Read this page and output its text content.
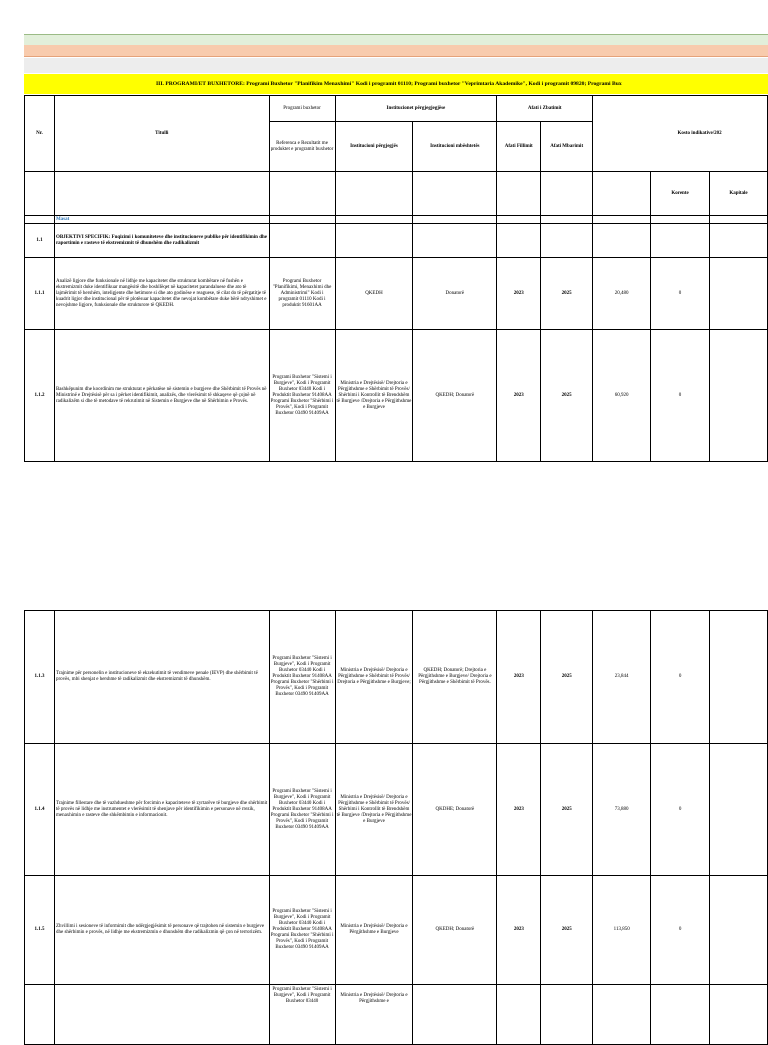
III. PROGRAMI/ET BUXHETORE: Programi Buxhetor "Planifikim Menaxhimi" Kodi i programit 01110; Programi buxhetor "Veprimtaria Akademike", Kodi i programit 09820; Programi Bux
Nr.	Titulli	Programi buxhetor	Institucionet përgjegjegjëse		Afati i Zbatimit		Kosto indikative/202		
		Referenca e Rezultatit me produktet e programit buxhetor	Institucioni përgjegjës	Institucioni mbështetës	Afati Fillimit	Afati Mbarimit			
								Korente	Kapitale
	Masat								
1.1	OBJEKTIVI SPECIFIK: Fuqizimi i komuniteteve dhe institucioneve publike për identifikimin dhe raportimin e rasteve të ekstremizmit të dhunshëm dhe radikalizmit								
1.1.1	Analizë ligjore dhe funksionale në lidhje me kapacitetet dhe strukturat kombëtare në fushën e ekstremizmit duke identifikuar mangësitë dhe boshllëqet në kapacitetet parandaluese dhe ato të lajmërimit të hershëm, inteligjente dhe hetimore si dhe ato godinëse e reaguese, të cilat do të përgatitje të kuadrit ligjor dhe institucional për të plotësuar kapacitetet dhe nevojat kombëtare duke bërë ndryshimet e nevojshme ligjore, funksionale dhe strukturore të QKEDH.	Programi Buxhetor "Planifikimi, Menaxhimi dhe Administrimi" Kodi i programit 01110 Kodi i produktit 91601AA	QKEDH	Donatorë	2023	2025	20,480	0	
1.1.2	Bashkëpunim dhe koordinim me strukturat e përkatëse në sistemin e burgjeve dhe Shërbimit të Provës në Ministrinë e Drejtësisë për sa i përket identifikimit, analizës, dhe vlerësimit të shkaqeve që çojnë në radikalizëm si dhe të metodave të rekrutimit në Sistemin e Burgjeve dhe në Shërbimin e Provës.	Programi Buxhetor "Sistemi i Burgjeve", Kodi i Programit Buxhetor 03440 Kodi i Produktit Buxhetor 91408AA Programi Buxhetor "Shërbimi i Provës", Kodi i Programit Buxhetor 03490 91409AA	Ministria e Drejtësisë/ Drejtoria e Përgjithshme e Shërbimit të Provës/ Shërbimi i Kontrollit të Brendshëm të Burgjeve /Drejtoria e Përgjithshme e Burgjeve	QKEDH; Donatorë	2023	2025	60,920	0	
1.1.3	Trajnime për personelin e institucioneve të ekzekutimit të vendimeve penale (IEVP) dhe shërbimit të provës, mbi shenjat e hershme të radikalizmit dhe ekstremizmit të dhunshëm.	Programi Buxhetor "Sistemi i Burgjeve", Kodi i Programit Buxhetor 03440 Kodi i Produktit Buxhetor 91408AA Programi Buxhetor "Shërbimi i Provës", Kodi i Programit Buxhetor 03490 91409AA	Ministria e Drejtësisë/ Drejtoria e Përgjithshme e Shërbimit të Provës/ Drejtoria e Përgjithshme e Burgjeve;	QKEDH; Donatorë; Drejtoria e Përgjithshme e Burgjeve/ Drejtoria e Përgjithshme e Shërbimit të Provës.	2023	2025	23,844	0	
1.1.4	Trajnime fillestare dhe të vazhdueshme për forcimin e kapaciteteve të zyrtarëve të burgjeve dhe shërbimit të provës në lidhje me instrumentet e vlerësimit të shenjave për identifikimin e personave në rrezik, menaxhimin e rasteve dhe shkëmbimin e informacionit.	Programi Buxhetor "Sistemi i Burgjeve", Kodi i Programit Buxhetor 03440 Kodi i Produktit Buxhetor 91408AA Programi Buxhetor "Shërbimi i Provës", Kodi i Programit Buxhetor 03490 91409AA	Ministria e Drejtësisë/ Drejtoria e Përgjithshme e Shërbimit të Provës/ Shërbimi i Kontrollit të Brendshëm të Burgjeve /Drejtoria e Përgjithshme e Burgjeve	QKDHE; Donatorë	2023	2025	73,880	0	
1.1.5	Zhvillimi i sesioneve të informimit dhe ndërgjegjësimit të personave që trajtohen në sistemin e burgjeve dhe shërbimin e provës, në lidhje me ekstremizmin e dhunshëm dhe radikalizmin që çon në terrorizëm.	Programi Buxhetor "Sistemi i Burgjeve", Kodi i Programit Buxhetor 03440 Kodi i Produktit Buxhetor 91408AA Programi Buxhetor "Shërbimi i Provës", Kodi i Programit Buxhetor 03490 91409AA	Ministria e Drejtësisë/ Drejtoria e Përgjithshme e Burgjeve	QKEDH; Donatorë	2023	2025	113,850	0	
		Programi Buxhetor "Sistemi i Burgjeve", Kodi i Programit Buxhetor 03440	Ministria e Drejtësisë/ Drejtoria e Përgjithshme e						
